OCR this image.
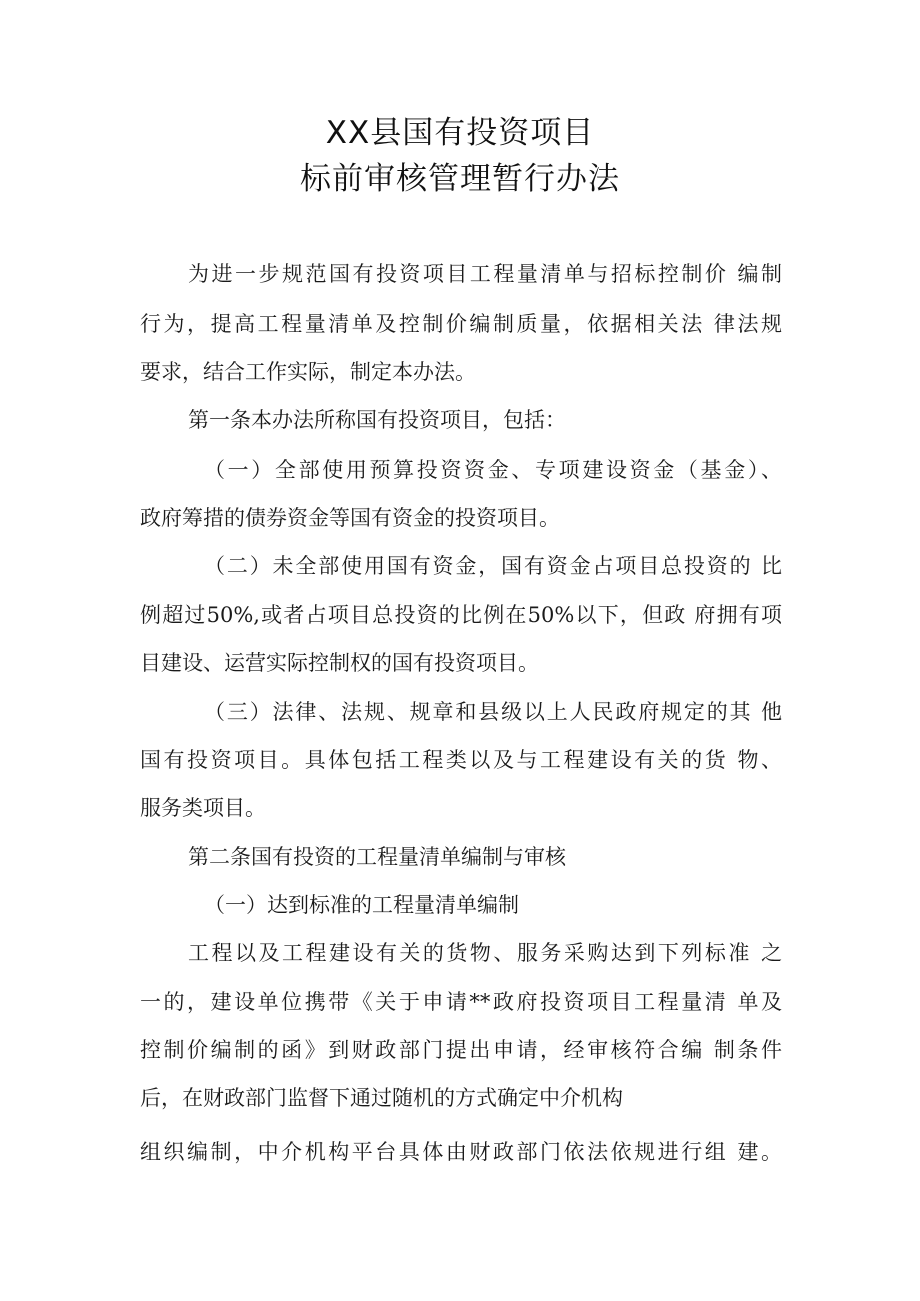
XX县国有投资项目
标前审核管理暂行办法
为进一步规范国有投资项目工程量清单与招标控制价 编制
行为，提高工程量清单及控制价编制质量，依据相关法 律法规
要求，结合工作实际，制定本办法。
第一条本办法所称国有投资项目，包括：
（一）全部使用预算投资资金、专项建设资金（基金）、
政府筹措的债券资金等国有资金的投资项目。
（二）未全部使用国有资金，国有资金占项目总投资的 比
例超过50%,或者占项目总投资的比例在50%以下，但政 府拥有项
目建设、运营实际控制权的国有投资项目。
（三）法律、法规、规章和县级以上人民政府规定的其 他
国有投资项目。具体包括工程类以及与工程建设有关的货 物、
服务类项目。
第二条国有投资的工程量清单编制与审核
（一）达到标准的工程量清单编制
工程以及工程建设有关的货物、服务采购达到下列标准 之
一的，建设单位携带《关于申请**政府投资项目工程量清 单及
控制价编制的函》到财政部门提出申请，经审核符合编 制条件
后，在财政部门监督下通过随机的方式确定中介机构
组织编制，中介机构平台具体由财政部门依法依规进行组 建。
